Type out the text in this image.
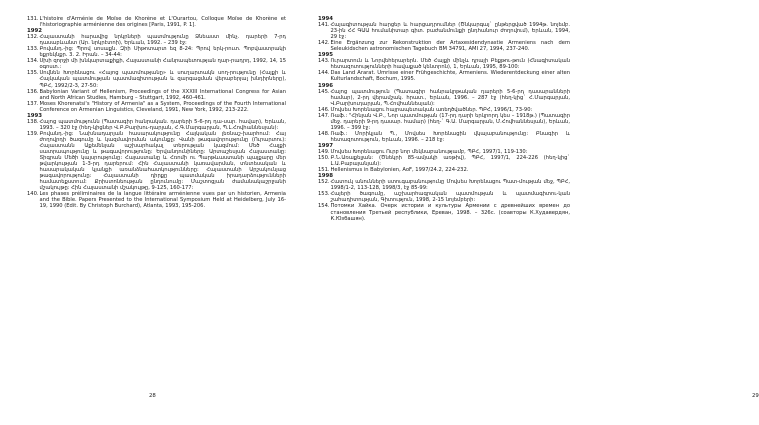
131. L'histoire d'Arménie de Moïse de Khorène et L'Ourartou, Colloque Moïse de Khorène et l'historiographie arménienne des origines [Paris, 1991, P. 1].
1992
132. Հայաստանի հարավից նրկրների պատմությունը Ձնեաստ մինչ. դարերի 7-րդ դասաբևանտ (Ար. նրկրէտոի), Երևան, 1992. – 239 էջ:
133. Բովանդ.-ից: Պրով սոսաքն. Զիի Սիթոտարտ եզ 8-24: Պրով երկ-րուտ. Պոբվաստրակի եքրեկնքր. 3. 2. Իրան. – 34-44:
134. Uխի զորջի մի խնկարտաքիքի, Հայաստանի Հանրապետության ղար-րադրդ, 1992, 14, 15 օգոստ.:
135. Սովնեն Խորենացու «Հայոց պատմությանը» և սուղարտակն սող-րությունը (Հայքի և Հայկական պատմության պատմագիտության և զարգացման վերաբերյալ խնդիրները), ՊԲՀ, 1992/2-3, 27-50:
136. Babylonian Variant of Hellenism, Proceedings of the XXXIII International Congress for Asian and North African Studies, Hamburg – Stuttgart, 1992, 460-461.
137. Moses Khorenatsi's "History of Armenia" as a System, Proceedings of the Fourth International Conference on Armenian Linguistics, Cleveland, 1991, New York, 1992, 213-222.
1993
138. Հայոց պատմությունն (Պատագիր հանրական. դարերի 5-6-րդ դա-սար. հավար), Երևան, 1993. – 320 էջ (հեղ-կիցներ Վ.Բ.Բարխու-դարյան, Հ.Գ.Մարգարյան, Պ.Լ.Հովհաննեսյան):
139. Բովանդ.-ից: Նախնադարյան հասարակությունը Հայկական լեռնաշ-խարհում: Հայ ժողովրդի ծագումը և կազմավորման ակունքը: Վանի թագավորությունը (Ուրարտու): Հայաստանն Աքեմենյան աշխարհակալ տերության կազմում: Մեծ Հայքի սատրապությունը և թագավորությունը: Երվանդունիները: Արտաշեսյան Հայաստանը: Տիգրան Մեծի կայսրությունը: Հայաստանը և Հռոմի ու Պարթևաստանի պայքարը մեր թվարկության 1-3-րդ դարերում: Հին Հայաստանի կառավարման, տնտեսական և հասարակական կյանքի առանձնահատկությունները: Հայաստանի Արշակունյաց թագավորությունը: Հայաստանի դիրքը պատմական իրադարձությունների համատեքստում: Քրիստոնեության ընդունումը: Մաշտոցյան ժամանակաշրջանի մշակույթը: Հին Հայաստանի մշակույթը, 9-125, 160-177:
140. Les phases préliminaires de la langue littéraire arménienne vues par un historien, Armenia and the Bible. Papers Presented to the International Symposium Held at Heidelberg, July 16-19, 1990 (Edit. By Christoph Burchard), Atlanta, 1993, 195-206.
28
1994
141. Հայագիտության հարցեր և հարցադրումներ (Ծնկարգայ` ընթերցված 1994թ. նոյեմբ. 23-ին ՀՀ ԳԱԱ հումանիտար գիտ. բաժանմունքի ընդհանուր ժողովում), Երևան, 1994, 29 էջ:
142. Eine Ergänzung zur Rekonstruktion der Artaxesidendynastie Armeniens nach dem Seleukidschen astronomischen Tagebuch BM 34791, AMI 27, 1994, 237-240.
1995
143. Ուրարտուն և Նորվեհերարերն. Մեծ Հայքի մինչև դրայի Բեքթու-թուն (Հնագիտական հետազոտությունների հավաքած կենտրոն), 1, Երևան, 1995, 89-100:
144. Das Land Ararat. Umrisse einer Frühgeschichte, Armeniens. Wiederentdeckung einer alten Kulturlandschaft, Bochum, 1995.
1996
145. Հայոց պատմություն (Պատագիր հանրակրթական դարերի 5-6-րդ դասարանների համար), 2-րդ վերամշակ. հրատ., Երևան, 1996. – 287 էջ (հեղ-կից` Հ.Մարգարյան, Վ.Բարխուդարյան, Պ.Հովհաննեսյան):
146. Մովսես Խորենացու հայրապետական առեղծվածներ. ՊԲՀ, 1996/1, 73-90:
147. Ռաֆ.: "Հինյան Վ.Բ., Նոր պատմության (17-րդ դարի երկրորդ կես – 1918թ.) (Պատագիր մեջ. դարերի 9-րդ դասար. համար) (հեղ-` Գ.Ա. Մարգարյան, Մ.Հովհաննեսյան), Երևան, 1996. – 399 էջ:
148. Ռաֆ.: Մորիկյան Պ., Մովսես Խորենացին վկայաբանությունը: Բնագիր և հետազոտություն, Երևան, 1996. – 218 էջ:
1997
149. Մովսես Խորենացու Ուրբ նոր մեկնաբանությամբ, ՊԲՀ, 1997/1, 119-130:
150. Բ.Ն.Առաքելյան: (Ծնեկրի 85-ամյակի առթիվ), ՊԲՀ, 1997/1, 224-226 (հեղ-կից` Լ.Ա.Բաբայանյան):
151. Hellenismus in Babylonien, AoF, 1997/24.2, 224-232.
1998
152. Հատուկ անունների ստուգաբանությունը Մովսես Խորենացու Պատ-մության մեջ, ՊԲՀ, 1998/1-2, 113-128, 1998/3, էջ 85-99:
153. Հայերի ծագումը, աշխարհագրական պատմության և պատմագիտու-կան շահադիտության, Գիտություն, 1998, 2-15 նոյեմբերի:
154. Потомки Хайка. Очерк истории и культуры Армении с древнейших времен до становления Третьей республики, Ереван, 1998. – 326с. (соавторы К.Худавердян, К.Юзбашян).
29
